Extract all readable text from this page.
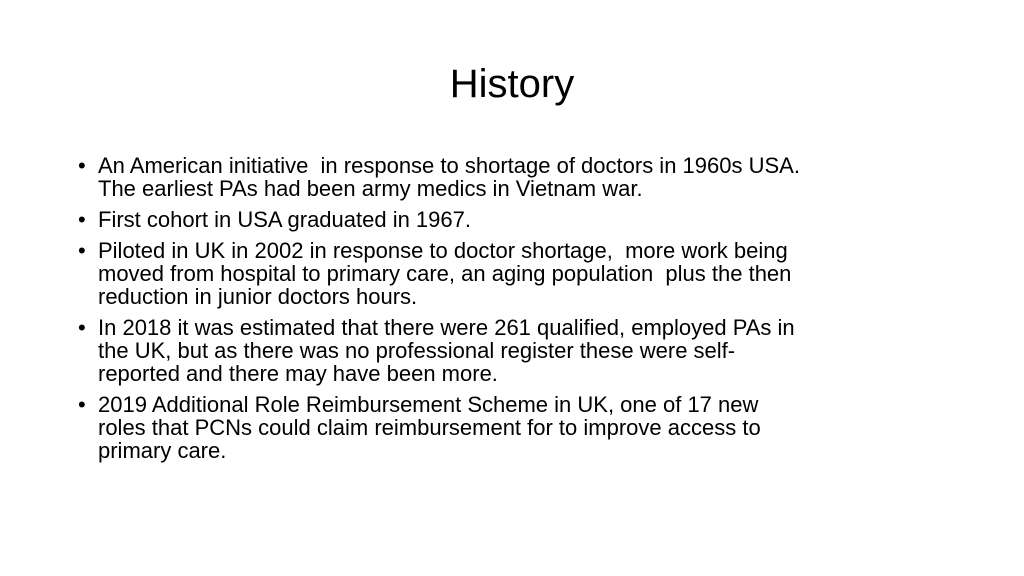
History
• An American initiative  in response to shortage of doctors in 1960s USA.
The earliest PAs had been army medics in Vietnam war.
• First cohort in USA graduated in 1967.
• Piloted in UK in 2002 in response to doctor shortage,  more work being
moved from hospital to primary care, an aging population  plus the then
reduction in junior doctors hours.
• In 2018 it was estimated that there were 261 qualified, employed PAs in
the UK, but as there was no professional register these were self-
reported and there may have been more.
• 2019 Additional Role Reimbursement Scheme in UK, one of 17 new
roles that PCNs could claim reimbursement for to improve access to
primary care.
